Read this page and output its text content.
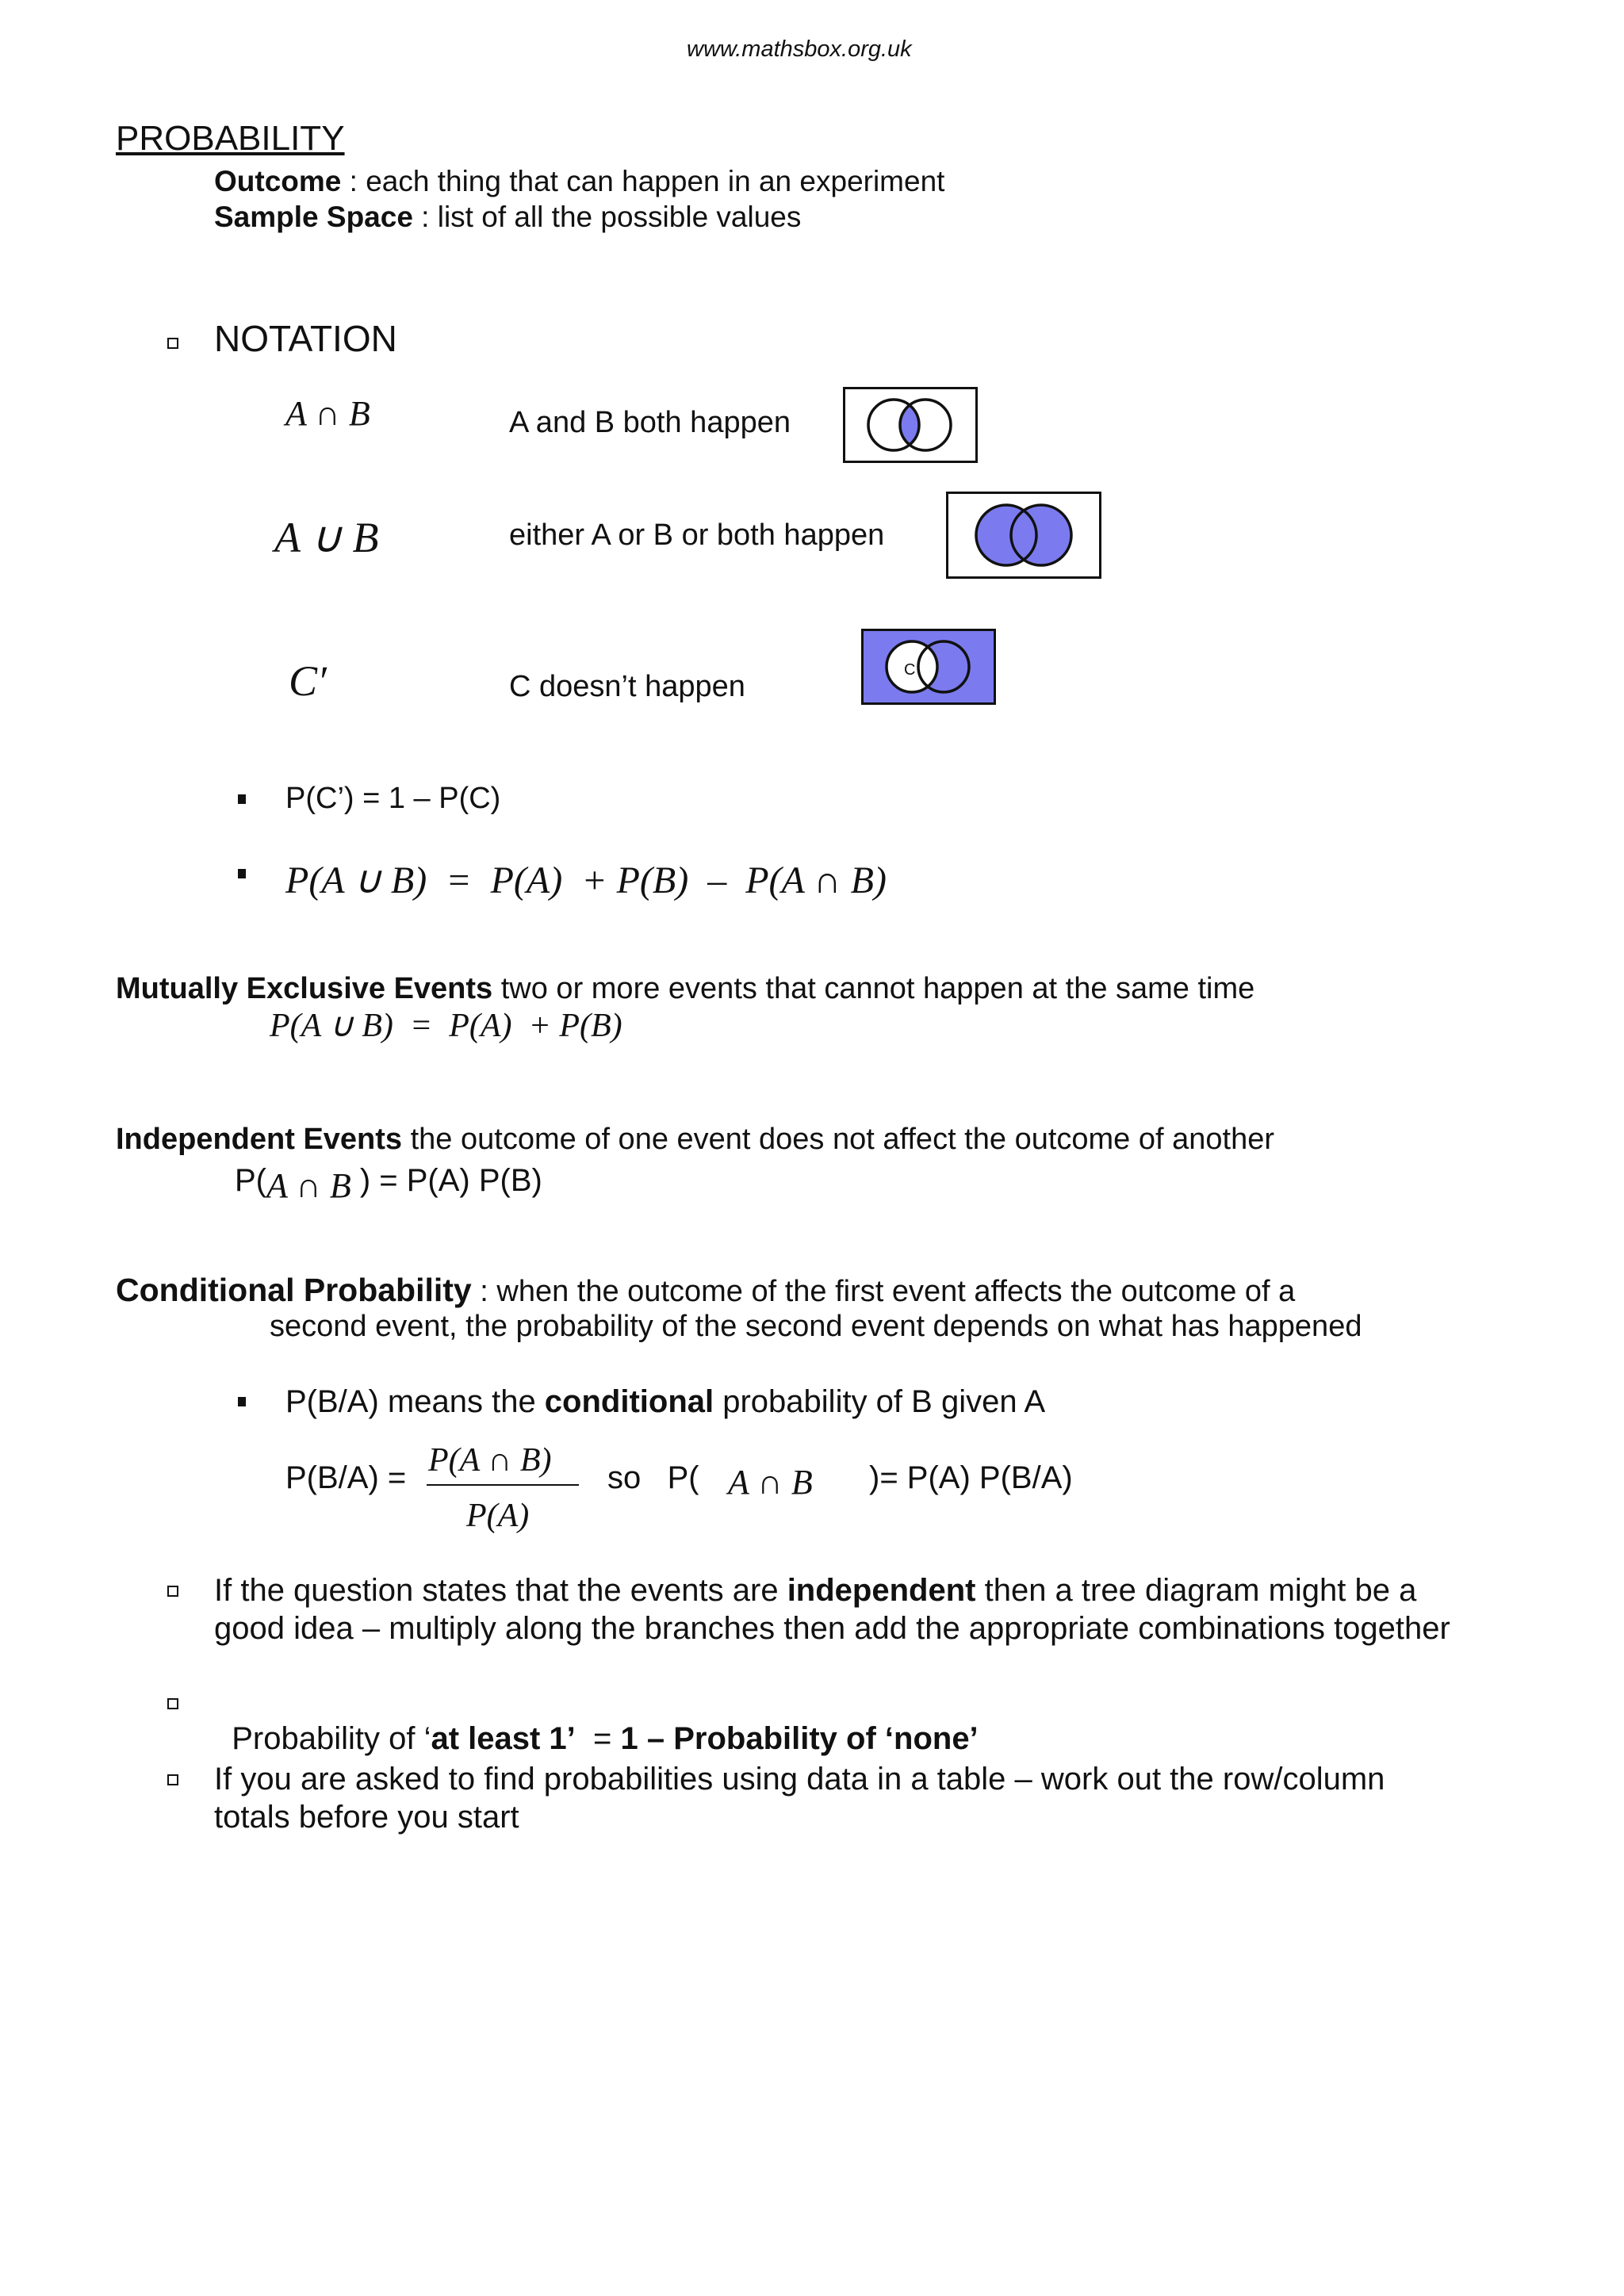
www.mathsbox.org.uk
PROBABILITY
Outcome : each thing that can happen in an experiment
Sample Space : list of all the possible values
NOTATION
A ∩ B	A and B both happen
A ∪ B	either A or B or both happen
C′	C doesn’t happen	C
P(C’) = 1 – P(C)
P(A ∪ B)  =  P(A)  + P(B)  –  P(A ∩ B)
Mutually Exclusive Events two or more events that cannot happen at the same time
P(A ∪ B)  =  P(A)  + P(B)
Independent Events the outcome of one event does not affect the outcome of another
P(A ∩ B ) = P(A) P(B)
Conditional Probability : when the outcome of the first event affects the outcome of a
second event, the probability of the second event depends on what has happened
P(B/A) means the conditional probability of B given A
P(B/A) = P(A ∩ B)
P(A)
so   P( A ∩ B )= P(A) P(B/A)
If the question states that the events are independent then a tree diagram might be a
good idea – multiply along the branches then add the appropriate combinations together

Probability of ‘at least 1’  = 1 – Probability of ‘none’

If you are asked to find probabilities using data in a table – work out the row/column
totals before you start
